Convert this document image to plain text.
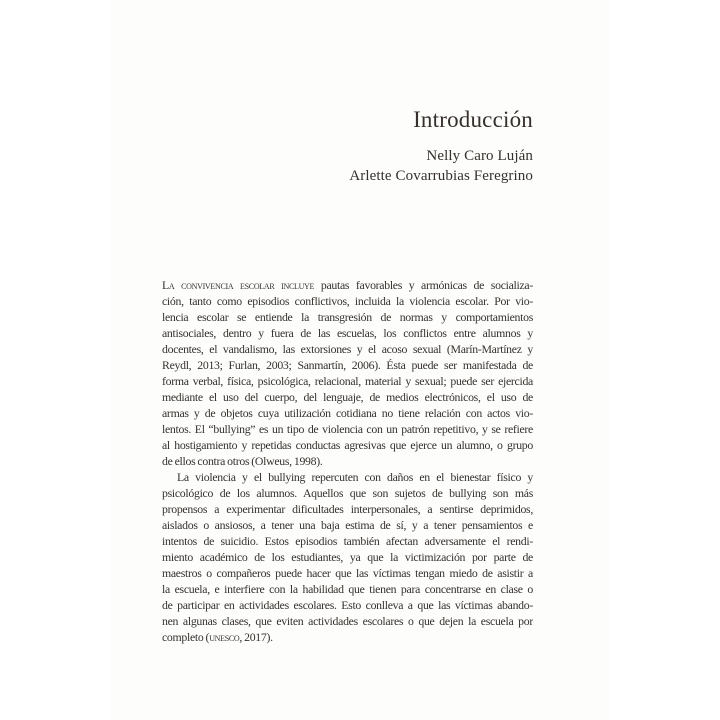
Introducción
Nelly Caro Luján
Arlette Covarrubias Feregrino
La convivencia escolar incluye pautas favorables y armónicas de socializa-
ción, tanto como episodios conflictivos, incluida la violencia escolar. Por vio-
lencia escolar se entiende la transgresión de normas y comportamientos
antisociales, dentro y fuera de las escuelas, los conflictos entre alumnos y
docentes, el vandalismo, las extorsiones y el acoso sexual (Marín-Martínez y
Reydl, 2013; Furlan, 2003; Sanmartín, 2006). Ésta puede ser manifestada de
forma verbal, física, psicológica, relacional, material y sexual; puede ser ejercida
mediante el uso del cuerpo, del lenguaje, de medios electrónicos, el uso de
armas y de objetos cuya utilización cotidiana no tiene relación con actos vio-
lentos. El “bullying” es un tipo de violencia con un patrón repetitivo, y se refiere
al hostigamiento y repetidas conductas agresivas que ejerce un alumno, o grupo
de ellos contra otros (Olweus, 1998).
La violencia y el bullying repercuten con daños en el bienestar físico y
psicológico de los alumnos. Aquellos que son sujetos de bullying son más
propensos a experimentar dificultades interpersonales, a sentirse deprimidos,
aislados o ansiosos, a tener una baja estima de sí, y a tener pensamientos e
intentos de suicidio. Estos episodios también afectan adversamente el rendi-
miento académico de los estudiantes, ya que la victimización por parte de
maestros o compañeros puede hacer que las víctimas tengan miedo de asistir a
la escuela, e interfiere con la habilidad que tienen para concentrarse en clase o
de participar en actividades escolares. Esto conlleva a que las víctimas abando-
nen algunas clases, que eviten actividades escolares o que dejen la escuela por
completo (unesco, 2017).
